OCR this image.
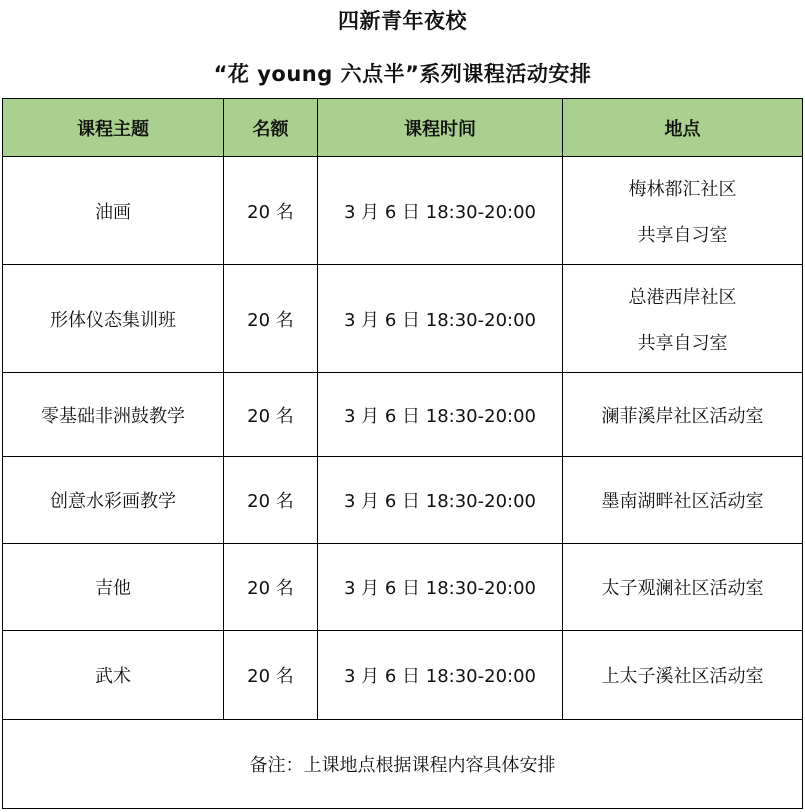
四新青年夜校
“花 young 六点半”系列课程活动安排
课程主题	名额	课程时间	地点
油画	20 名	3 月 6 日 18:30-20:00	梅林都汇社区
共享自习室

形体仪态集训班	20 名	3 月 6 日 18:30-20:00	总港西岸社区
共享自习室

零基础非洲鼓教学	20 名	3 月 6 日 18:30-20:00	澜菲溪岸社区活动室
创意水彩画教学	20 名	3 月 6 日 18:30-20:00	墨南湖畔社区活动室
吉他	20 名	3 月 6 日 18:30-20:00	太子观澜社区活动室
武术	20 名	3 月 6 日 18:30-20:00	上太子溪社区活动室
备注：上课地点根据课程内容具体安排			
